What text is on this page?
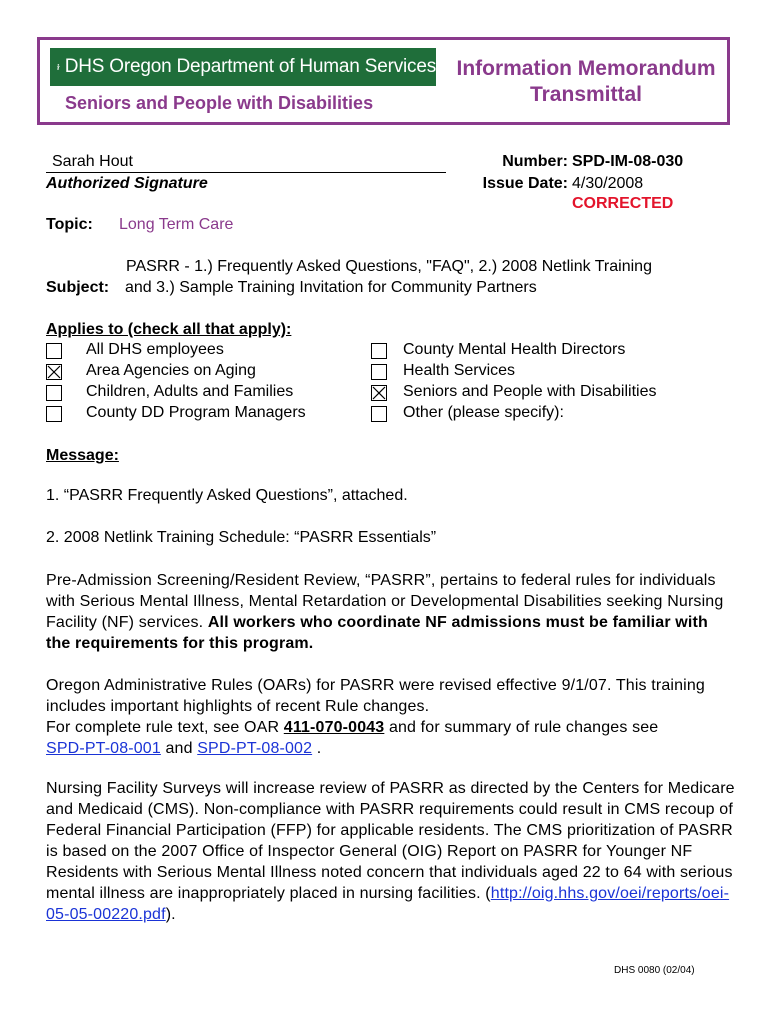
DHS Oregon Department of Human Services
Seniors and People with Disabilities
Information Memorandum
Transmittal
Sarah Hout
Authorized Signature
Number: SPD-IM-08-030
Issue Date: 4/30/2008
CORRECTED
Topic: Long Term Care
PASRR - 1.) Frequently Asked Questions, "FAQ", 2.) 2008 Netlink Training
Subject: and 3.) Sample Training Invitation for Community Partners
Applies to (check all that apply):
All DHS employees
Area Agencies on Aging
Children, Adults and Families
County DD Program Managers
County Mental Health Directors
Health Services
Seniors and People with Disabilities
Other (please specify):
Message:
1. “PASRR Frequently Asked Questions”, attached.
2. 2008 Netlink Training Schedule: “PASRR Essentials”
Pre-Admission Screening/Resident Review, “PASRR”, pertains to federal rules for individuals with Serious Mental Illness, Mental Retardation or Developmental Disabilities seeking Nursing Facility (NF) services. All workers who coordinate NF admissions must be familiar with the requirements for this program.
Oregon Administrative Rules (OARs) for PASRR were revised effective 9/1/07. This training includes important highlights of recent Rule changes.
For complete rule text, see OAR 411-070-0043 and for summary of rule changes see
SPD-PT-08-001 and SPD-PT-08-002 .
Nursing Facility Surveys will increase review of PASRR as directed by the Centers for Medicare and Medicaid (CMS). Non-compliance with PASRR requirements could result in CMS recoup of Federal Financial Participation (FFP) for applicable residents. The CMS prioritization of PASRR is based on the 2007 Office of Inspector General (OIG) Report on PASRR for Younger NF Residents with Serious Mental Illness noted concern that individuals aged 22 to 64 with serious mental illness are inappropriately placed in nursing facilities. (http://oig.hhs.gov/oei/reports/oei-05-05-00220.pdf).
DHS 0080 (02/04)
